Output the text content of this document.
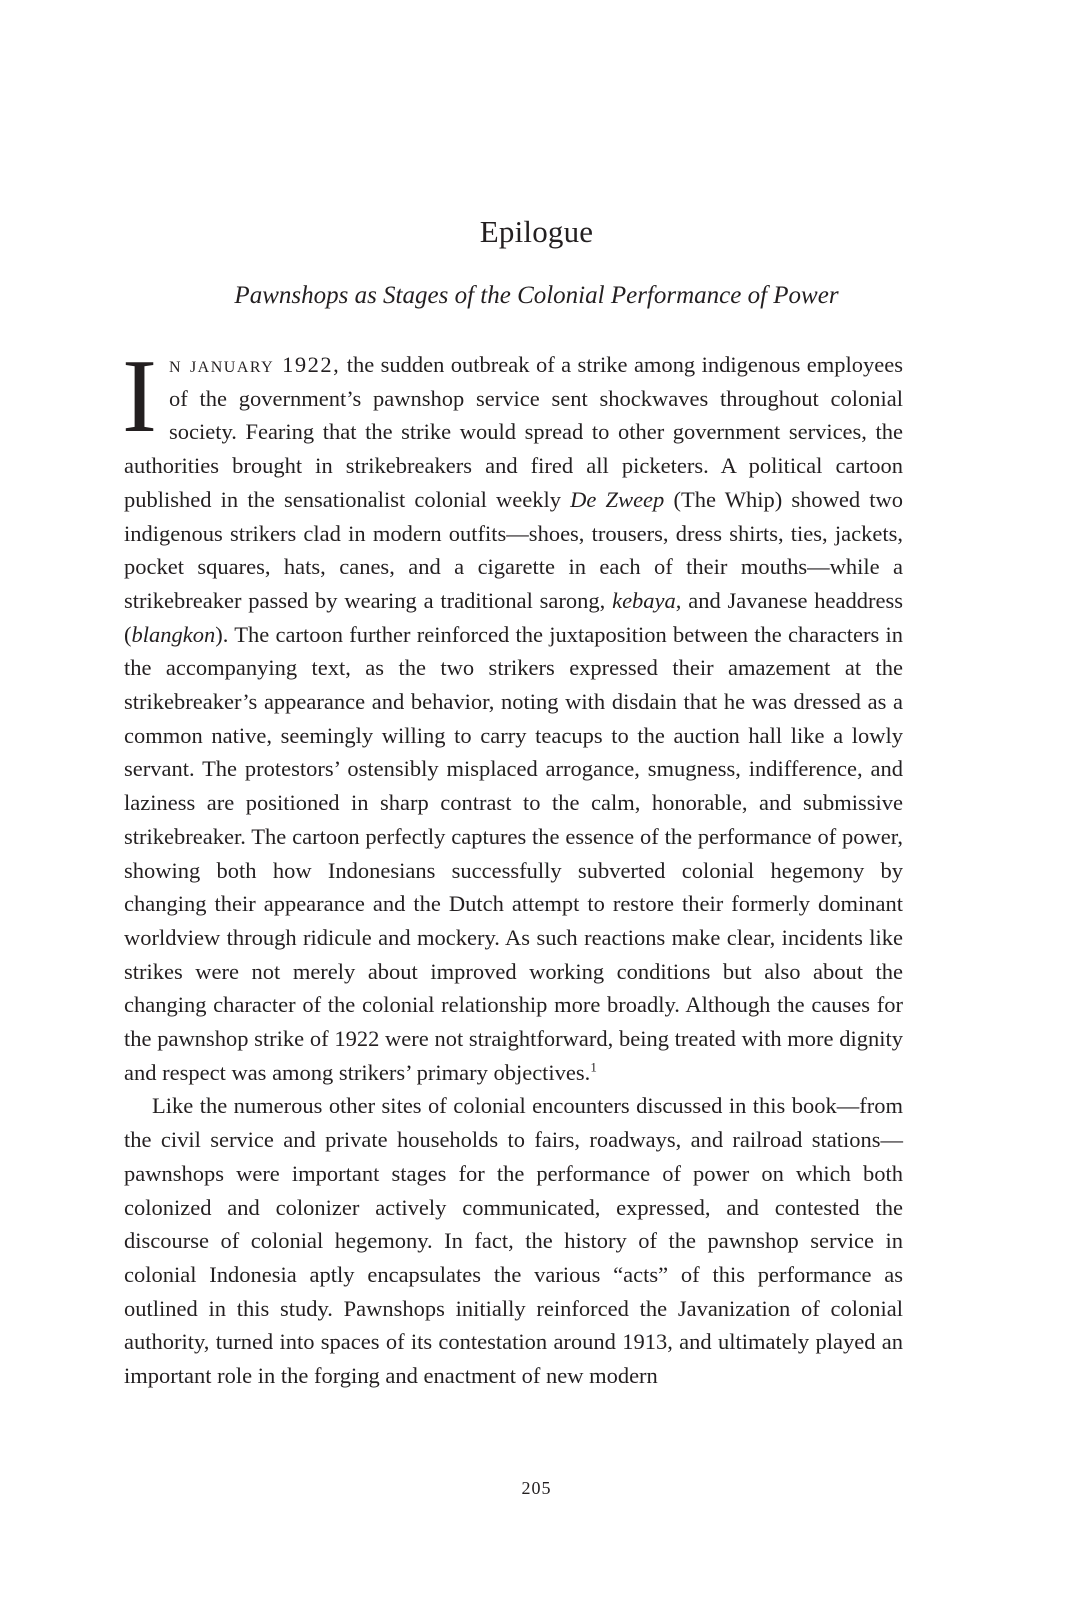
Epilogue
Pawnshops as Stages of the Colonial Performance of Power

In january 1922, the sudden outbreak of a strike among indigenous employees of the government’s pawnshop service sent shockwaves throughout colonial society. Fearing that the strike would spread to other government services, the authorities brought in strikebreakers and fired all picketers. A political cartoon published in the sensationalist colonial weekly De Zweep (The Whip) showed two indigenous strikers clad in modern outfits—shoes, trousers, dress shirts, ties, jackets, pocket squares, hats, canes, and a cigarette in each of their mouths—while a strikebreaker passed by wearing a traditional sarong, kebaya, and Javanese headdress (blangkon). The cartoon further reinforced the juxtaposition between the characters in the accompanying text, as the two strikers expressed their amazement at the strikebreaker’s appearance and behavior, noting with disdain that he was dressed as a common native, seemingly willing to carry teacups to the auction hall like a lowly servant. The protestors’ ostensibly misplaced arrogance, smugness, indifference, and laziness are positioned in sharp contrast to the calm, honorable, and submissive strikebreaker. The cartoon perfectly captures the essence of the performance of power, showing both how Indonesians successfully subverted colonial hegemony by changing their appearance and the Dutch attempt to restore their formerly dominant worldview through ridicule and mockery. As such reactions make clear, incidents like strikes were not merely about improved working conditions but also about the changing character of the colonial relationship more broadly. Although the causes for the pawnshop strike of 1922 were not straightforward, being treated with more dignity and respect was among strikers’ primary objectives.$^1$

Like the numerous other sites of colonial encounters discussed in this book—from the civil service and private households to fairs, roadways, and railroad stations—pawnshops were important stages for the performance of power on which both colonized and colonizer actively communicated, expressed, and contested the discourse of colonial hegemony. In fact, the history of the pawnshop service in colonial Indonesia aptly encapsulates the various “acts” of this performance as outlined in this study. Pawnshops initially reinforced the Javanization of colonial authority, turned into spaces of its contestation around 1913, and ultimately played an important role in the forging and enactment of new modern

205
